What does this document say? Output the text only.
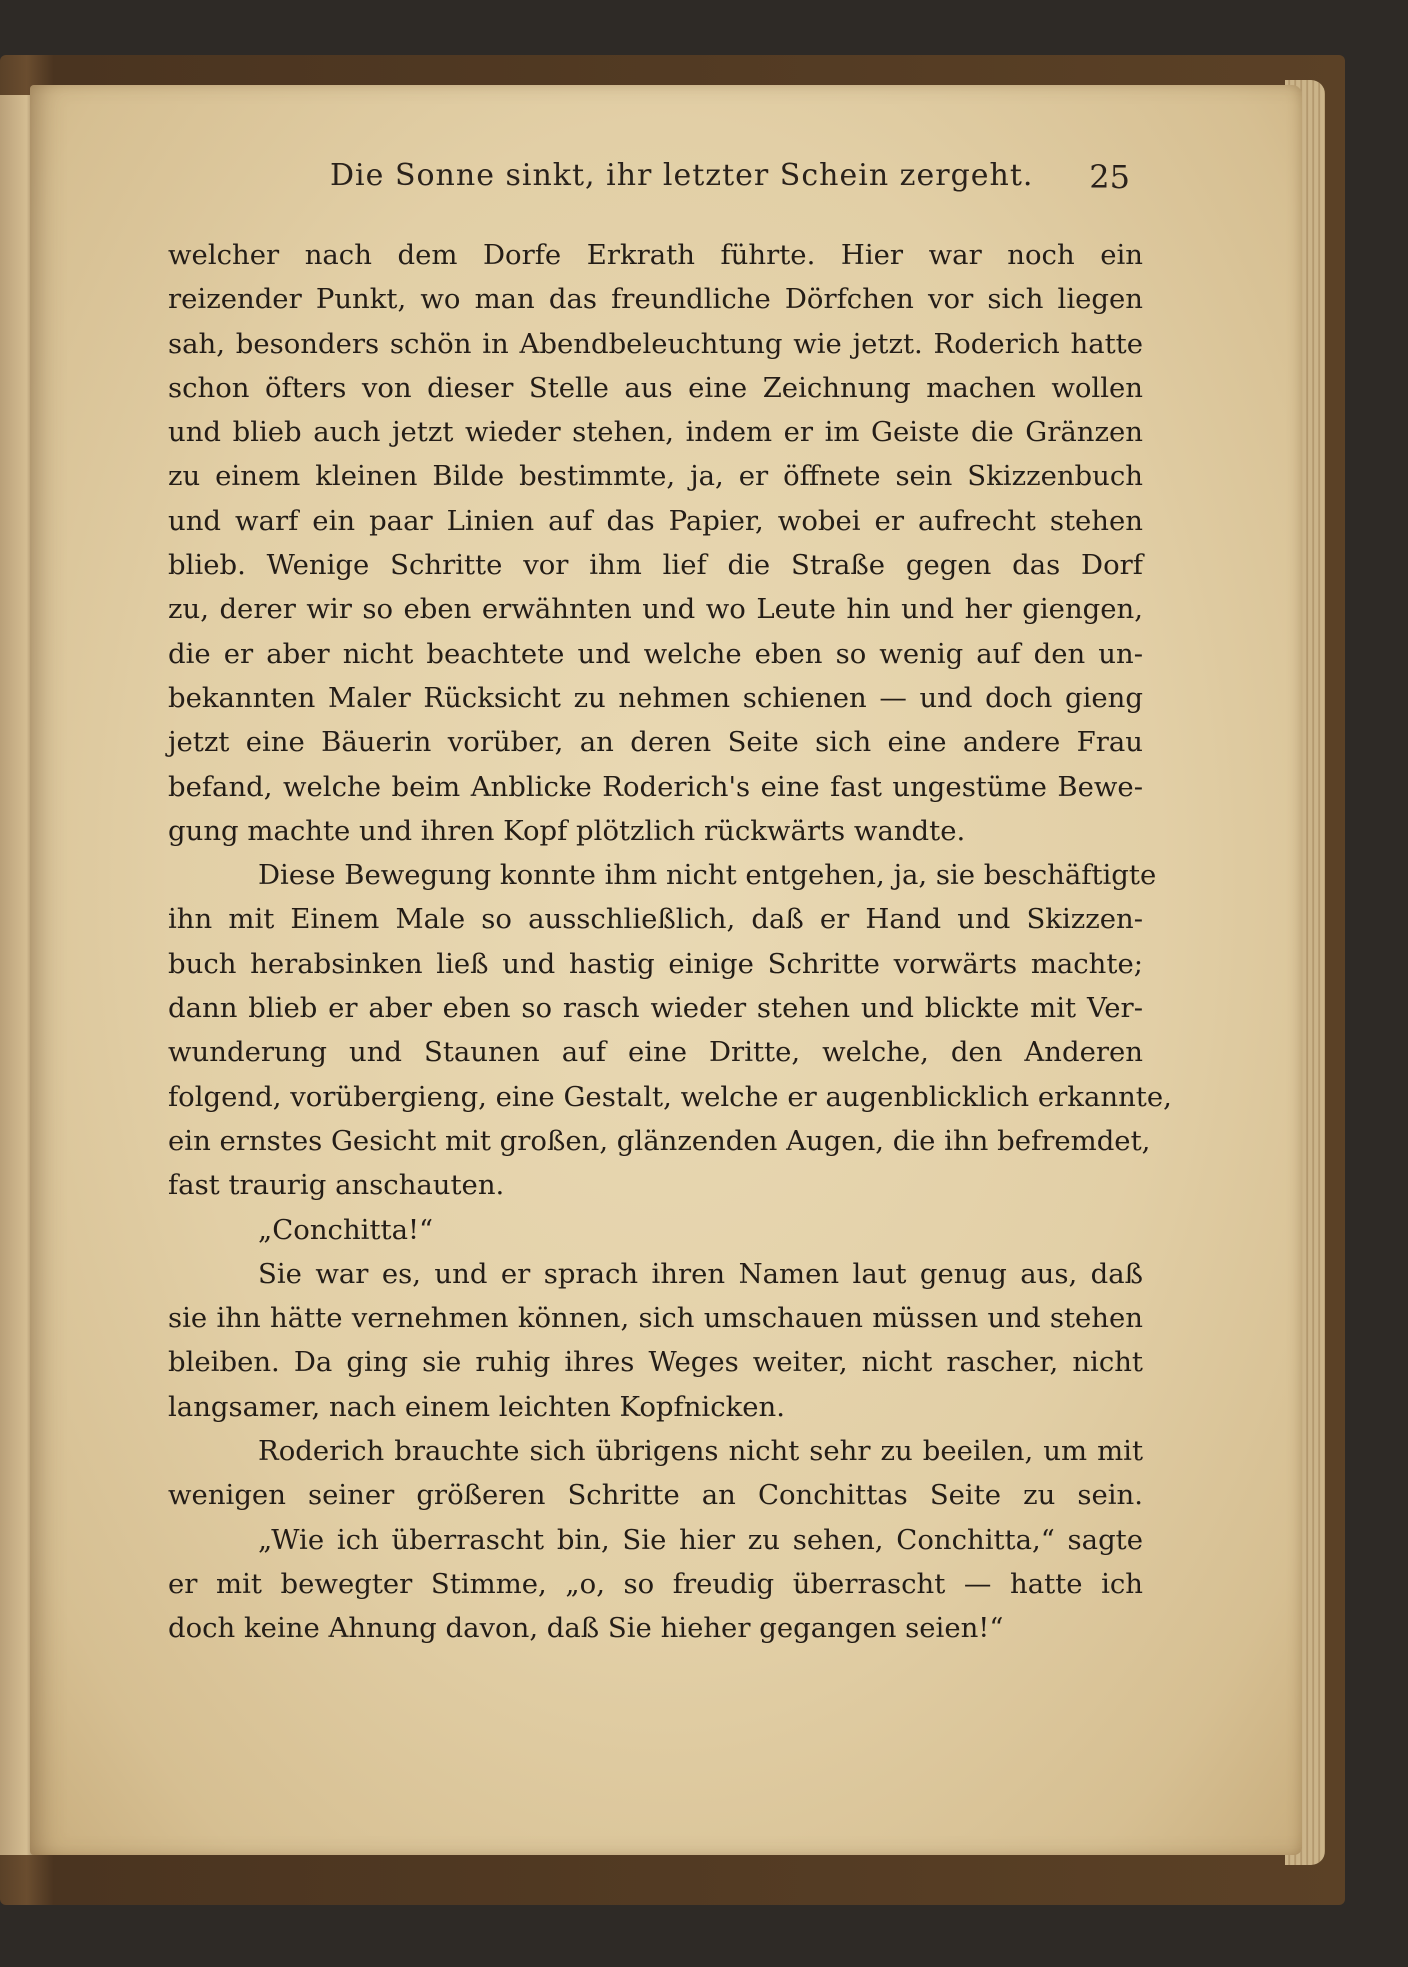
Die Sonne sinkt, ihr letzter Schein zergeht. 25
welcher nach dem Dorfe Erkrath führte. Hier war noch ein
reizender Punkt, wo man das freundliche Dörfchen vor sich liegen
sah, besonders schön in Abendbeleuchtung wie jetzt. Roderich hatte
schon öfters von dieser Stelle aus eine Zeichnung machen wollen
und blieb auch jetzt wieder stehen, indem er im Geiste die Gränzen
zu einem kleinen Bilde bestimmte, ja, er öffnete sein Skizzenbuch
und warf ein paar Linien auf das Papier, wobei er aufrecht stehen
blieb. Wenige Schritte vor ihm lief die Straße gegen das Dorf
zu, derer wir so eben erwähnten und wo Leute hin und her giengen,
die er aber nicht beachtete und welche eben so wenig auf den un-
bekannten Maler Rücksicht zu nehmen schienen — und doch gieng
jetzt eine Bäuerin vorüber, an deren Seite sich eine andere Frau
befand, welche beim Anblicke Roderich's eine fast ungestüme Bewe-
gung machte und ihren Kopf plötzlich rückwärts wandte.
Diese Bewegung konnte ihm nicht entgehen, ja, sie beschäftigte
ihn mit Einem Male so ausschließlich, daß er Hand und Skizzen-
buch herabsinken ließ und hastig einige Schritte vorwärts machte;
dann blieb er aber eben so rasch wieder stehen und blickte mit Ver-
wunderung und Staunen auf eine Dritte, welche, den Anderen
folgend, vorübergieng, eine Gestalt, welche er augenblicklich erkannte,
ein ernstes Gesicht mit großen, glänzenden Augen, die ihn befremdet,
fast traurig anschauten.
„Conchitta!“
Sie war es, und er sprach ihren Namen laut genug aus, daß
sie ihn hätte vernehmen können, sich umschauen müssen und stehen
bleiben. Da ging sie ruhig ihres Weges weiter, nicht rascher, nicht
langsamer, nach einem leichten Kopfnicken.
Roderich brauchte sich übrigens nicht sehr zu beeilen, um mit
wenigen seiner größeren Schritte an Conchittas Seite zu sein.
„Wie ich überrascht bin, Sie hier zu sehen, Conchitta,“ sagte
er mit bewegter Stimme, „o, so freudig überrascht — hatte ich
doch keine Ahnung davon, daß Sie hieher gegangen seien!“
